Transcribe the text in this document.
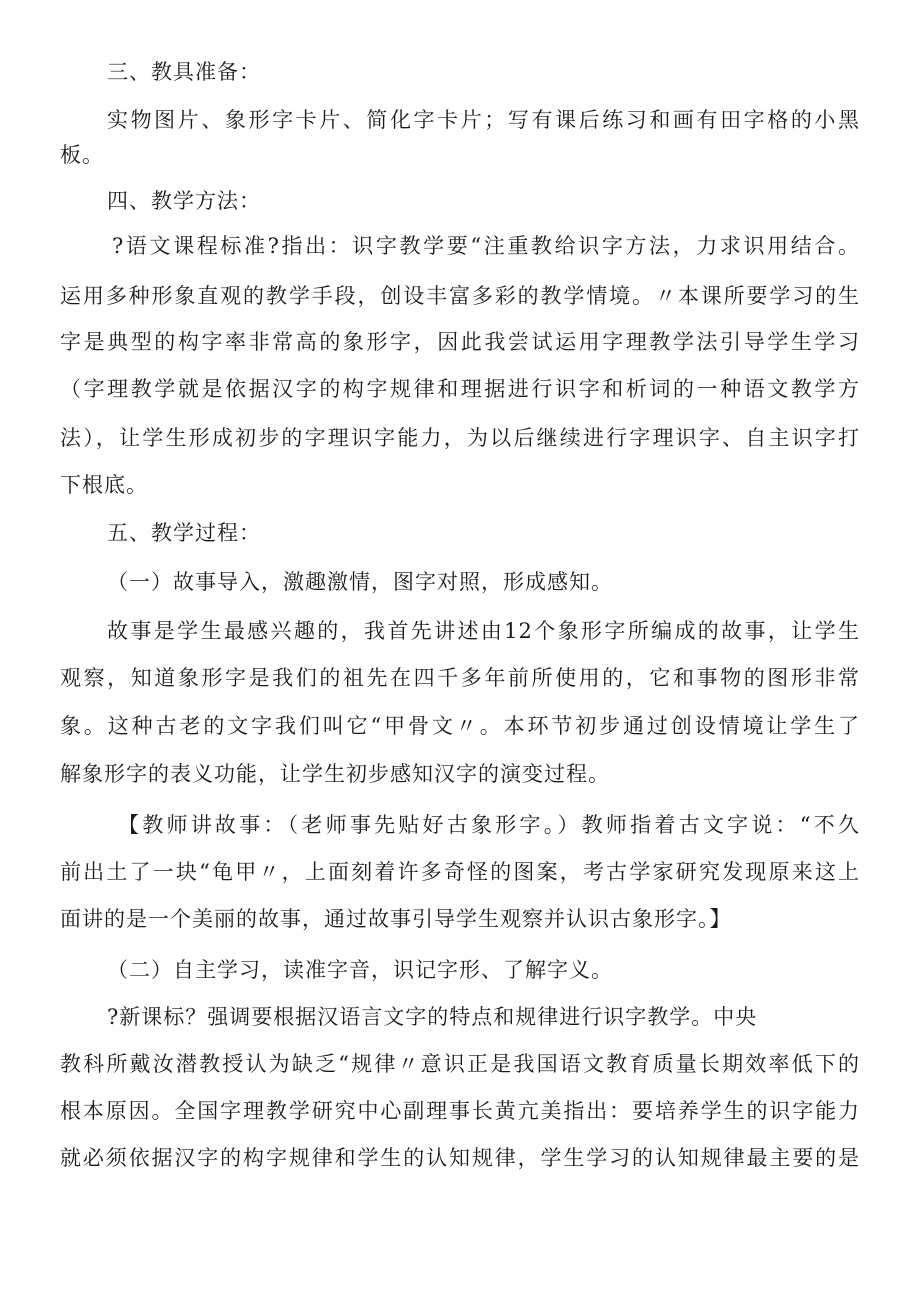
三、教具准备：
实物图片、象形字卡片、简化字卡片；写有课后练习和画有田字格的小黑
板。
四、教学方法：
?语文课程标准?指出：识字教学要“注重教给识字方法，力求识用结合。
运用多种形象直观的教学手段，创设丰富多彩的教学情境。〃本课所要学习的生
字是典型的构字率非常高的象形字，因此我尝试运用字理教学法引导学生学习
（字理教学就是依据汉字的构字规律和理据进行识字和析词的一种语文教学方
法），让学生形成初步的字理识字能力，为以后继续进行字理识字、自主识字打
下根底。
五、教学过程：
（一）故事导入，激趣激情，图字对照，形成感知。
故事是学生最感兴趣的，我首先讲述由12个象形字所编成的故事，让学生
观察，知道象形字是我们的祖先在四千多年前所使用的，它和事物的图形非常
象。这种古老的文字我们叫它“甲骨文〃。本环节初步通过创设情境让学生了
解象形字的表义功能，让学生初步感知汉字的演变过程。
【教师讲故事：（老师事先贴好古象形字。）教师指着古文字说：“不久
前出土了一块“龟甲〃，上面刻着许多奇怪的图案，考古学家研究发现原来这上
面讲的是一个美丽的故事，通过故事引导学生观察并认识古象形字。】
（二）自主学习，读准字音，识记字形、了解字义。
?新课标？强调要根据汉语言文字的特点和规律进行识字教学。中央
教科所戴汝潜教授认为缺乏“规律〃意识正是我国语文教育质量长期效率低下的
根本原因。全国字理教学研究中心副理事长黄亢美指出：要培养学生的识字能力
就必须依据汉字的构字规律和学生的认知规律，学生学习的认知规律最主要的是
